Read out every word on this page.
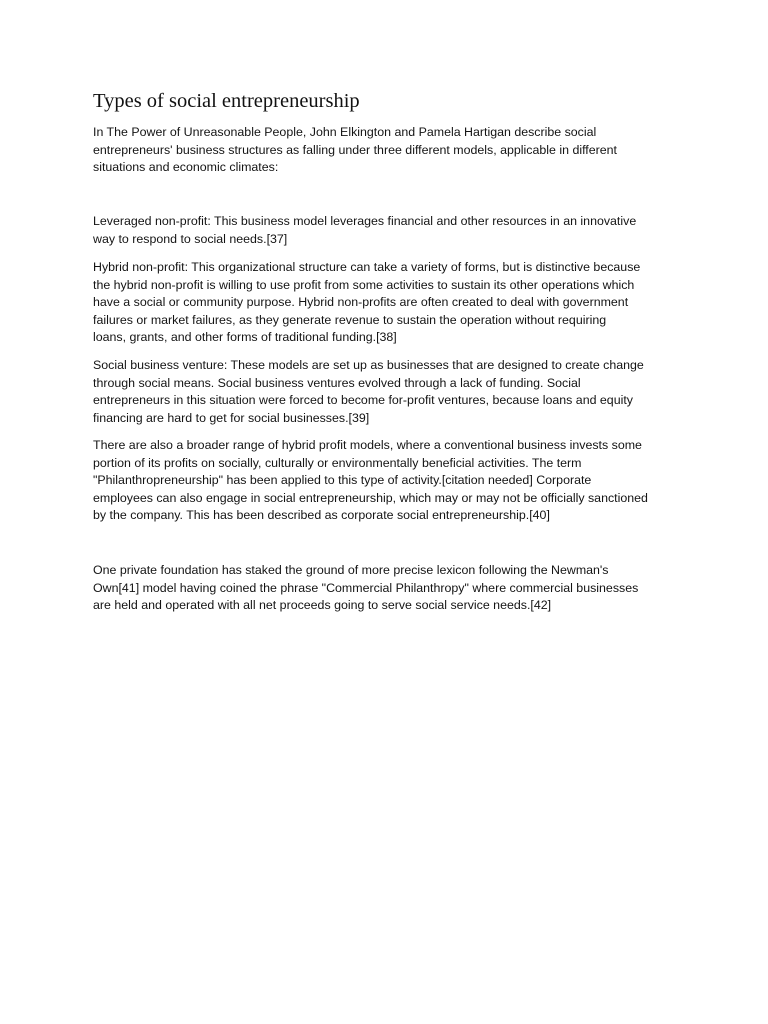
Types of social entrepreneurship

In The Power of Unreasonable People, John Elkington and Pamela Hartigan describe social
entrepreneurs' business structures as falling under three different models, applicable in different
situations and economic climates:

Leveraged non-profit: This business model leverages financial and other resources in an innovative
way to respond to social needs.[37]

Hybrid non-profit: This organizational structure can take a variety of forms, but is distinctive because
the hybrid non-profit is willing to use profit from some activities to sustain its other operations which
have a social or community purpose. Hybrid non-profits are often created to deal with government
failures or market failures, as they generate revenue to sustain the operation without requiring
loans, grants, and other forms of traditional funding.[38]

Social business venture: These models are set up as businesses that are designed to create change
through social means. Social business ventures evolved through a lack of funding. Social
entrepreneurs in this situation were forced to become for-profit ventures, because loans and equity
financing are hard to get for social businesses.[39]

There are also a broader range of hybrid profit models, where a conventional business invests some
portion of its profits on socially, culturally or environmentally beneficial activities. The term
"Philanthropreneurship" has been applied to this type of activity.[citation needed] Corporate
employees can also engage in social entrepreneurship, which may or may not be officially sanctioned
by the company. This has been described as corporate social entrepreneurship.[40]

One private foundation has staked the ground of more precise lexicon following the Newman's
Own[41] model having coined the phrase "Commercial Philanthropy" where commercial businesses
are held and operated with all net proceeds going to serve social service needs.[42]
